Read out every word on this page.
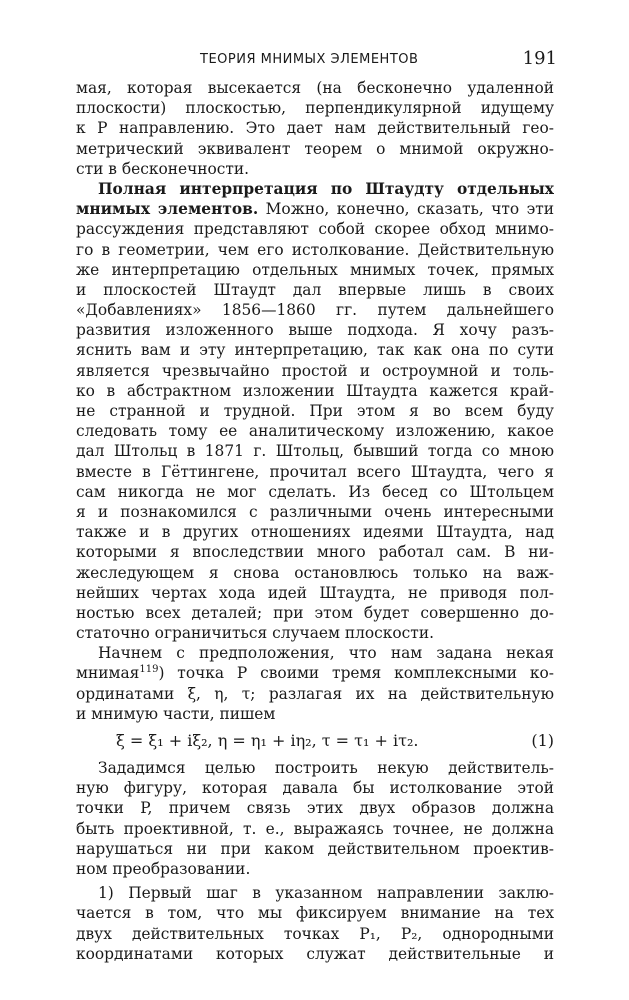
ТЕОРИЯ МНИМЫХ ЭЛЕМЕНТОВ	191
мая, которая высекается (на бесконечно удаленной
плоскости) плоскостью, перпендикулярной идущему
к P направлению. Это дает нам действительный гео-
метрический эквивалент теорем о мнимой окружно-
сти в бесконечности.
Полная интерпретация по Штаудту отдельных
мнимых элементов. Можно, конечно, сказать, что эти
рассуждения представляют собой скорее обход мнимо-
го в геометрии, чем его истолкование. Действительную
же интерпретацию отдельных мнимых точек, прямых
и плоскостей Штаудт дал впервые лишь в своих
«Добавлениях» 1856—1860 гг. путем дальнейшего
развития изложенного выше подхода. Я хочу разъ-
яснить вам и эту интерпретацию, так как она по сути
является чрезвычайно простой и остроумной и толь-
ко в абстрактном изложении Штаудта кажется край-
не странной и трудной. При этом я во всем буду
следовать тому ее аналитическому изложению, какое
дал Штольц в 1871 г. Штольц, бывший тогда со мною
вместе в Гёттингене, прочитал всего Штаудта, чего я
сам никогда не мог сделать. Из бесед со Штольцем
я и познакомился с различными очень интересными
также и в других отношениях идеями Штаудта, над
которыми я впоследствии много работал сам. В ни-
жеследующем я снова остановлюсь только на важ-
нейших чертах хода идей Штаудта, не приводя пол-
ностью всех деталей; при этом будет совершенно до-
статочно ограничиться случаем плоскости.
Начнем с предположения, что нам задана некая
мнимая$^{119}$) точка P своими тремя комплексными ко-
ординатами ξ, η, τ; разлагая их на действительную
и мнимую части, пишем
ξ = ξ₁ + iξ₂, η = η₁ + iη₂, τ = τ₁ + iτ₂.	(1)
Зададимся целью построить некую действитель-
ную фигуру, которая давала бы истолкование этой
точки P, причем связь этих двух образов должна
быть проективной, т. е., выражаясь точнее, не должна
нарушаться ни при каком действительном проектив-
ном преобразовании.
1) Первый шаг в указанном направлении заклю-
чается в том, что мы фиксируем внимание на тех
двух действительных точках P₁, P₂, однородными
координатами которых служат действительные и
